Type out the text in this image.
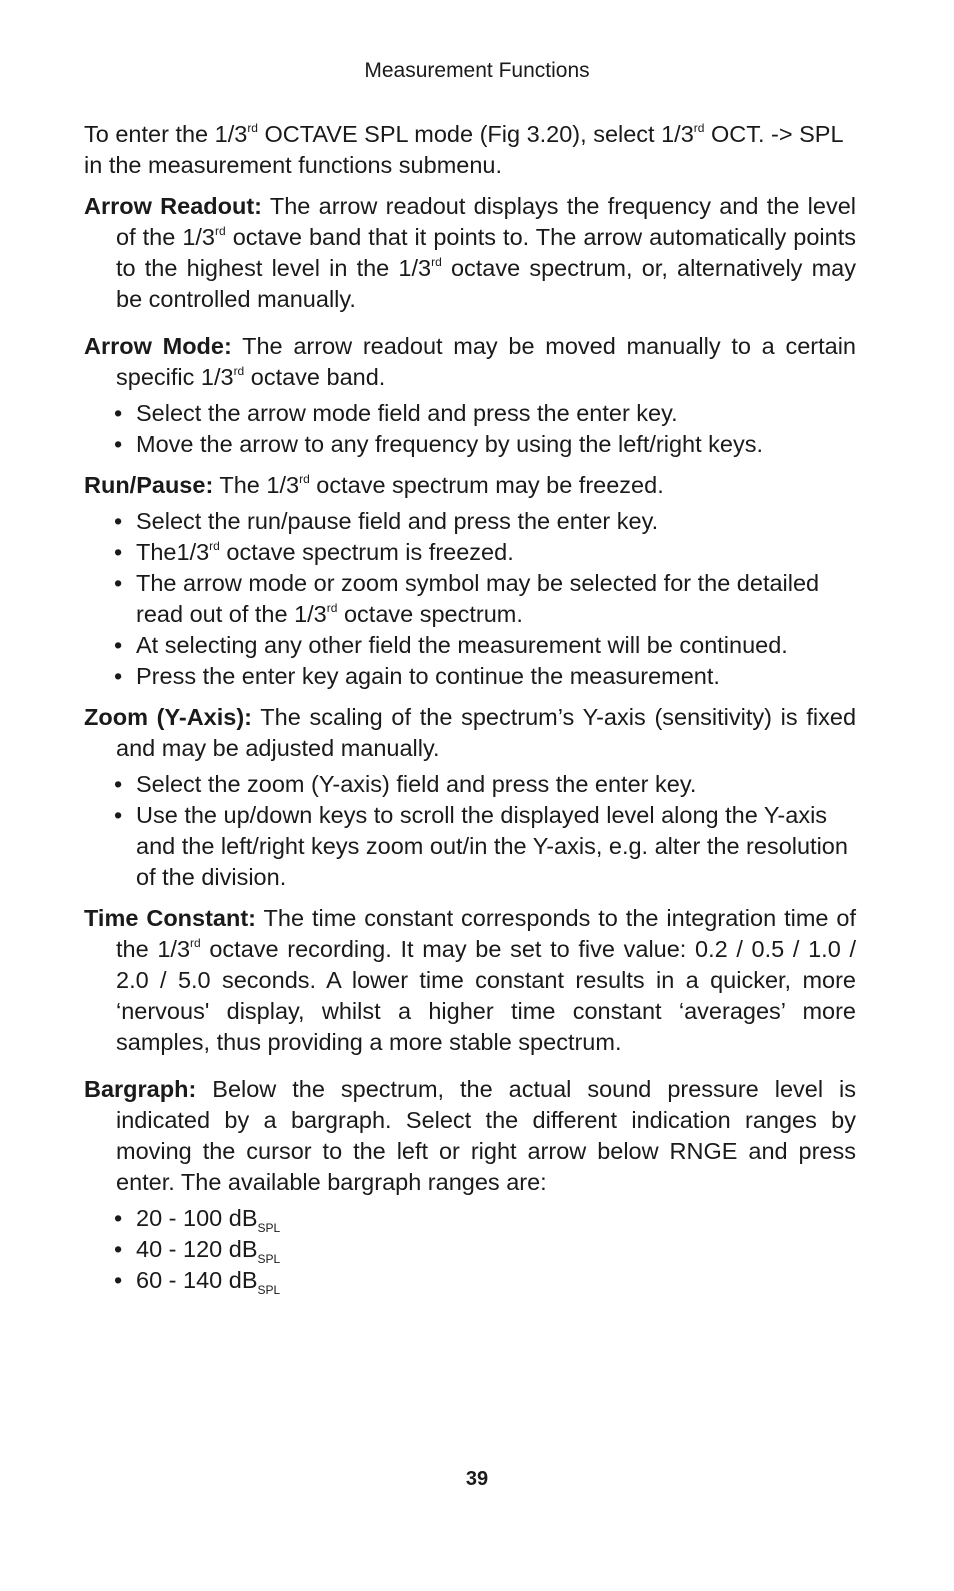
Measurement Functions

To enter the 1/3rd OCTAVE SPL mode (Fig 3.20), select 1/3rd OCT. -> SPL in the measurement functions submenu.

Arrow Readout: The arrow readout displays the frequency and the level of the 1/3rd octave band that it points to. The arrow automatically points to the highest level in the 1/3rd octave spectrum, or, alternatively may be controlled manually.

Arrow Mode: The arrow readout may be moved manually to a certain specific 1/3rd octave band.

• Select the arrow mode field and press the enter key.
• Move the arrow to any frequency by using the left/right keys.

Run/Pause: The 1/3rd octave spectrum may be freezed.

• Select the run/pause field and press the enter key.
• The1/3rd octave spectrum is freezed.
• The arrow mode or zoom symbol may be selected for the detailed read out of the 1/3rd octave spectrum.
• At selecting any other field the measurement will be continued.
• Press the enter key again to continue the measurement.

Zoom (Y-Axis): The scaling of the spectrum’s Y-axis (sensitivity) is fixed and may be adjusted manually.

• Select the zoom (Y-axis) field and press the enter key.
• Use the up/down keys to scroll the displayed level along the Y-axis and the left/right keys zoom out/in the Y-axis, e.g. alter the resolution of the division.

Time Constant: The time constant corresponds to the integration time of the 1/3rd octave recording. It may be set to five value: 0.2 / 0.5 / 1.0 / 2.0 / 5.0 seconds. A lower time constant results in a quicker, more ‘nervous' display, whilst a higher time constant ‘averages’ more samples, thus providing a more stable spectrum.

Bargraph: Below the spectrum, the actual sound pressure level is indicated by a bargraph. Select the different indication ranges by moving the cursor to the left or right arrow below RNGE and press enter. The available bargraph ranges are:

• 20 - 100 $dB_{SPL}$
• 40 - 120 $dB_{SPL}$
• 60 - 140 $dB_{SPL}$
39
